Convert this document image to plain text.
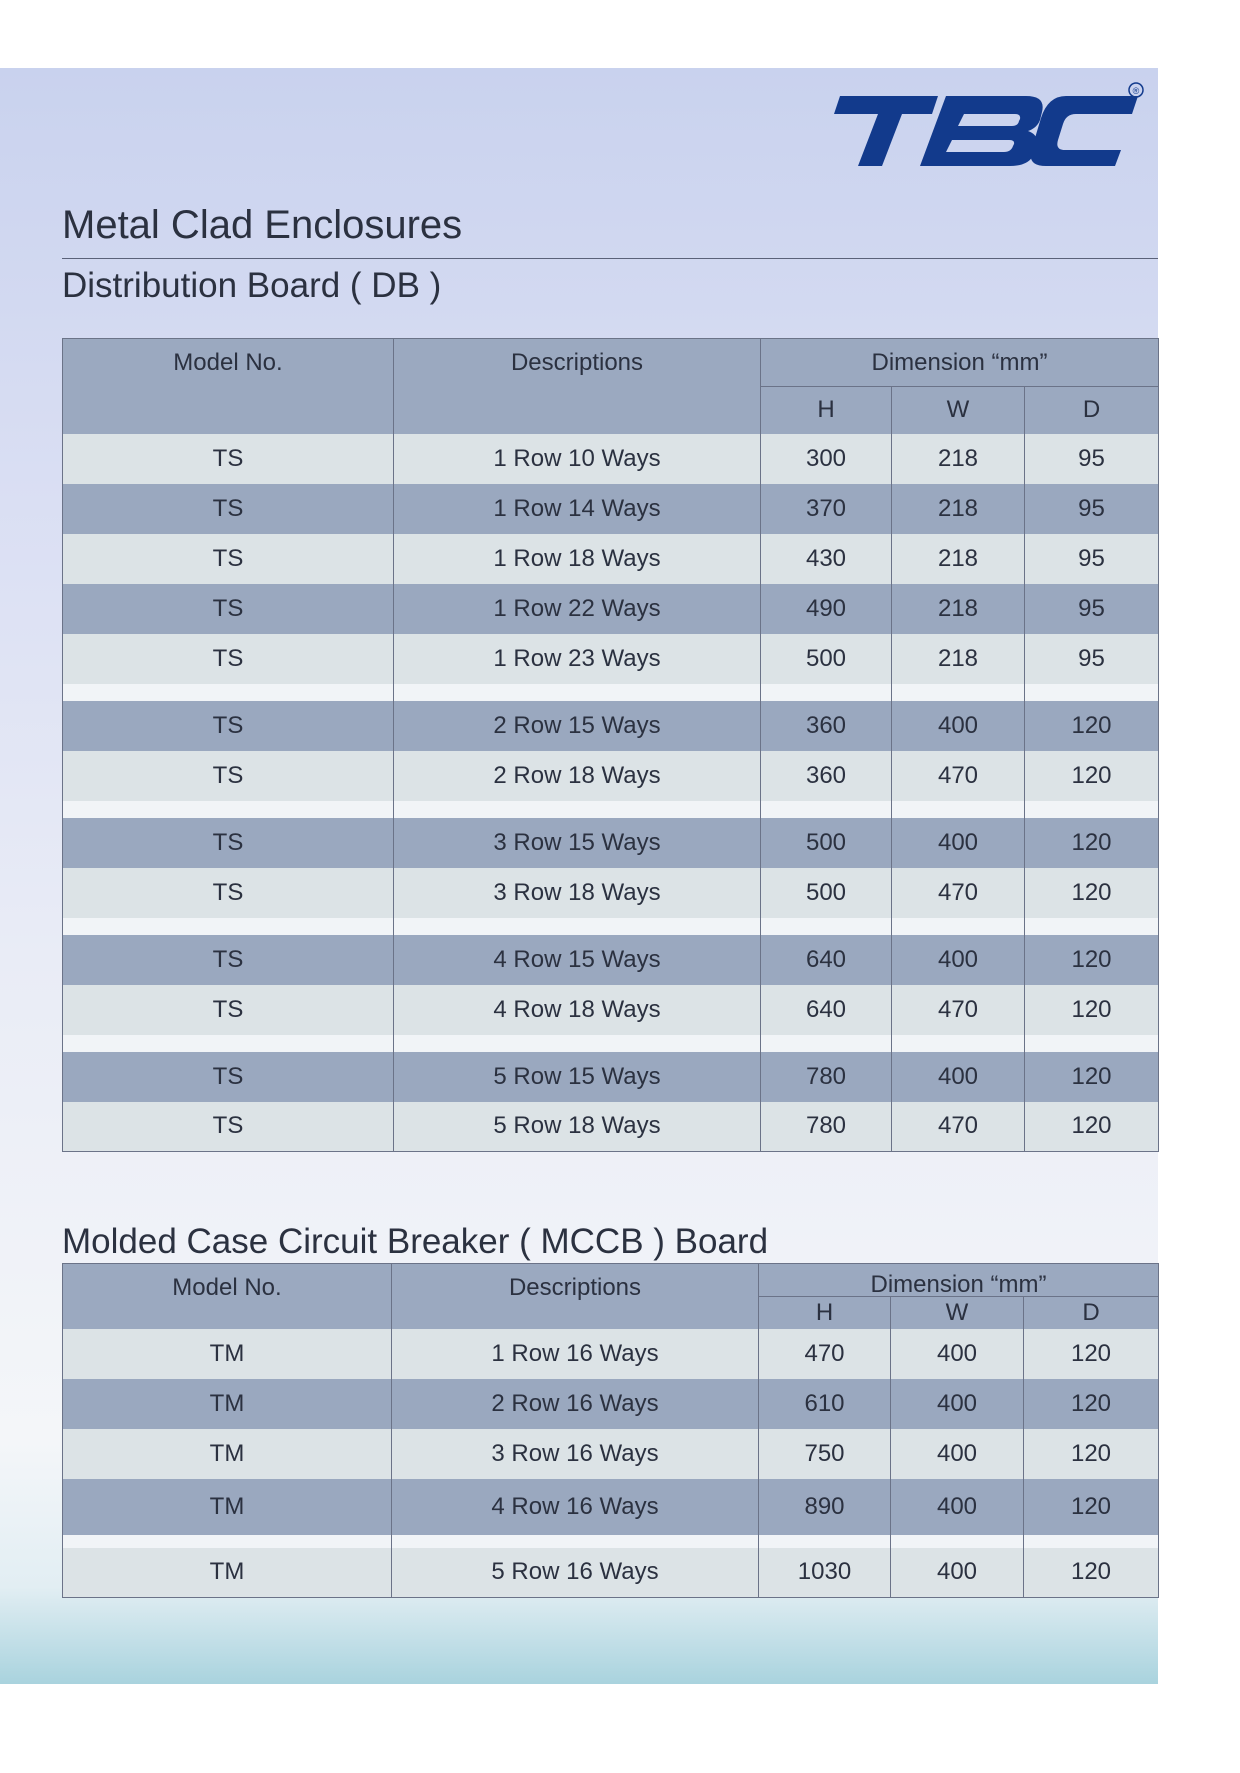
®
TBC
Metal Clad Enclosures
Distribution Board ( DB )
Model No.	Descriptions	Dimension “mm”		
		H	W	D
TS	1 Row 10 Ways	300	218	95
TS	1 Row 14 Ways	370	218	95
TS	1 Row 18 Ways	430	218	95
TS	1 Row 22 Ways	490	218	95
TS	1 Row 23 Ways	500	218	95

TS	2 Row 15 Ways	360	400	120
TS	2 Row 18 Ways	360	470	120

TS	3 Row 15 Ways	500	400	120
TS	3 Row 18 Ways	500	470	120

TS	4 Row 15 Ways	640	400	120
TS	4 Row 18 Ways	640	470	120

TS	5 Row 15 Ways	780	400	120
TS	5 Row 18 Ways	780	470	120
Molded Case Circuit Breaker ( MCCB ) Board
Model No.	Descriptions	Dimension “mm”		
		H	W	D
TM	1 Row 16 Ways	470	400	120
TM	2 Row 16 Ways	610	400	120
TM	3 Row 16 Ways	750	400	120
TM	4 Row 16 Ways	890	400	120

TM	5 Row 16 Ways	1030	400	120
